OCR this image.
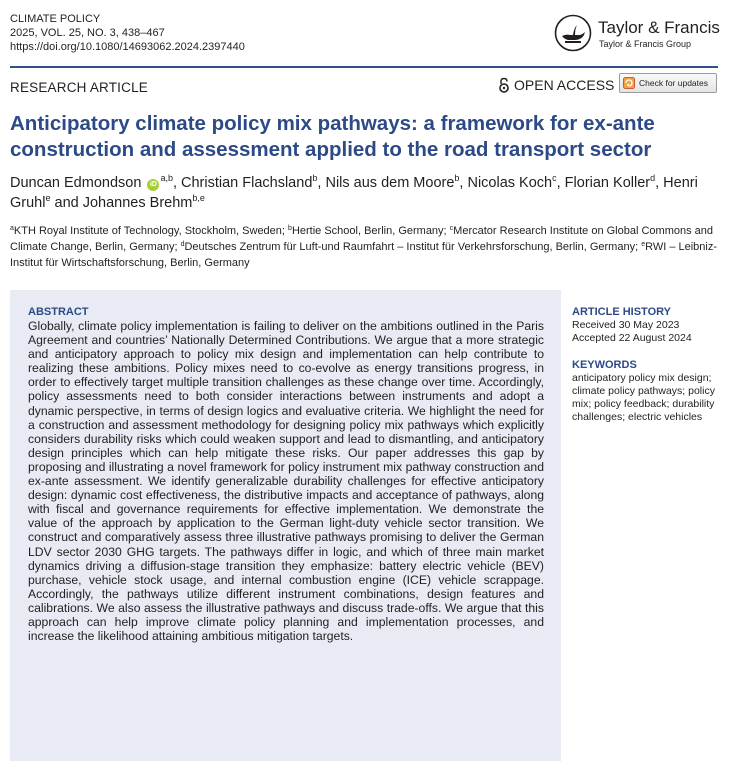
CLIMATE POLICY
2025, VOL. 25, NO. 3, 438–467
https://doi.org/10.1080/14693062.2024.2397440
Taylor & Francis
Taylor & Francis Group
RESEARCH ARTICLE	OPEN ACCESS	Check for updates
Anticipatory climate policy mix pathways: a framework for ex-ante construction and assessment applied to the road transport sector
Duncan Edmondson iD$^{a,b}$, Christian Flachsland$^b$, Nils aus dem Moore$^b$, Nicolas Koch$^c$, Florian Koller$^d$, Henri Gruhl$^e$ and Johannes Brehm$^{b,e}$
$^a$KTH Royal Institute of Technology, Stockholm, Sweden; $^b$Hertie School, Berlin, Germany; $^c$Mercator Research Institute on Global Commons and Climate Change, Berlin, Germany; $^d$Deutsches Zentrum für Luft-und Raumfahrt – Institut für Verkehrsforschung, Berlin, Germany; $^e$RWI – Leibniz-Institut für Wirtschaftsforschung, Berlin, Germany
ABSTRACT
Globally, climate policy implementation is failing to deliver on the ambitions outlined in the Paris Agreement and countries’ Nationally Determined Contributions. We argue that a more strategic and anticipatory approach to policy mix design and implementation can help contribute to realizing these ambitions. Policy mixes need to co-evolve as energy transitions progress, in order to effectively target multiple transition challenges as these change over time. Accordingly, policy assessments need to both consider interactions between instruments and adopt a dynamic perspective, in terms of design logics and evaluative criteria. We highlight the need for a construction and assessment methodology for designing policy mix pathways which explicitly considers durability risks which could weaken support and lead to dismantling, and anticipatory design principles which can help mitigate these risks. Our paper addresses this gap by proposing and illustrating a novel framework for policy instrument mix pathway construction and ex-ante assessment. We identify generalizable durability challenges for effective anticipatory design: dynamic cost effectiveness, the distributive impacts and acceptance of pathways, along with fiscal and governance requirements for effective implementation. We demonstrate the value of the approach by application to the German light-duty vehicle sector transition. We construct and comparatively assess three illustrative pathways promising to deliver the German LDV sector 2030 GHG targets. The pathways differ in logic, and which of three main market dynamics driving a diffusion-stage transition they emphasize: battery electric vehicle (BEV) purchase, vehicle stock usage, and internal combustion engine (ICE) vehicle scrappage. Accordingly, the pathways utilize different instrument combinations, design features and calibrations. We also assess the illustrative pathways and discuss trade-offs. We argue that this approach can help improve climate policy planning and implementation processes, and increase the likelihood attaining ambitious mitigation targets.
ARTICLE HISTORY
Received 30 May 2023
Accepted 22 August 2024
KEYWORDS
anticipatory policy mix design; climate policy pathways; policy mix; policy feedback; durability challenges; electric vehicles
